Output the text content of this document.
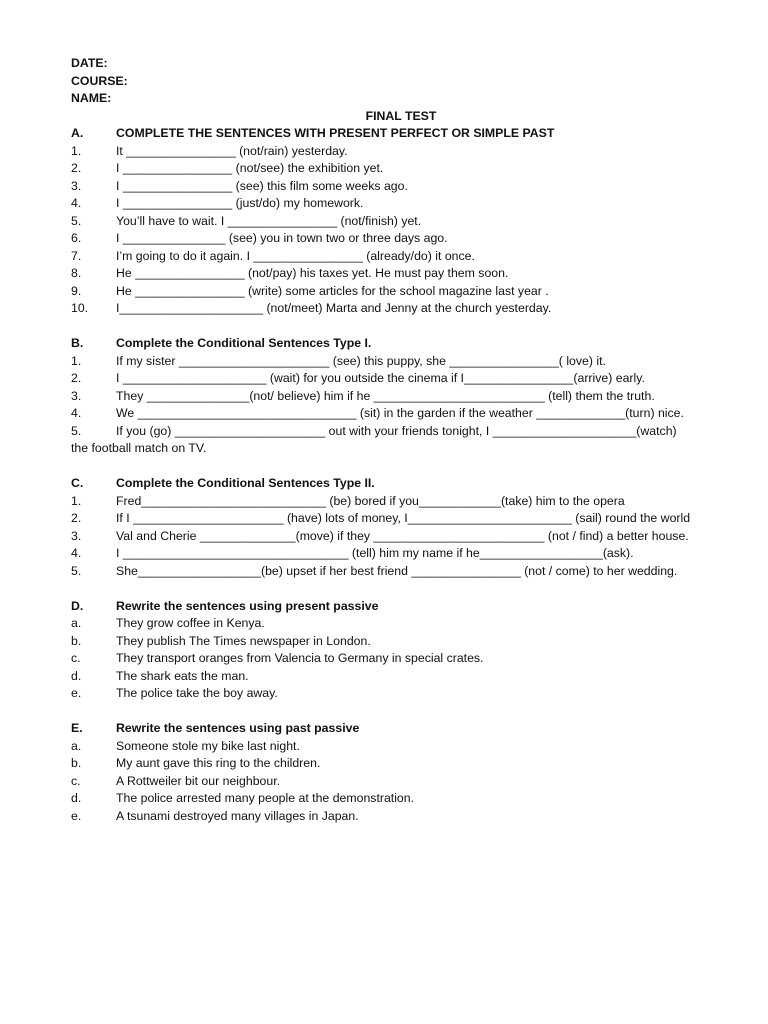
DATE:
COURSE:
NAME:
FINAL TEST
A.	COMPLETE THE SENTENCES WITH PRESENT PERFECT OR SIMPLE PAST
1.	It ________________ (not/rain) yesterday.
2.	I ________________ (not/see) the exhibition yet.
3.	I ________________ (see) this film some weeks ago.
4.	I ________________ (just/do) my homework.
5.	You’ll have to wait. I ________________ (not/finish) yet.
6.	I _______________ (see) you in town two or three days ago.
7.	I’m going to do it again. I ________________ (already/do) it once.
8.	He ________________ (not/pay) his taxes yet. He must pay them soon.
9.	He ________________ (write) some articles for the school magazine last year .
10.	I_____________________ (not/meet) Marta and Jenny at the church yesterday.
B.	Complete the Conditional Sentences Type I.
1.	If my sister ______________________ (see) this puppy, she ________________( love) it.
2.	I _____________________ (wait) for you outside the cinema if I________________(arrive) early.
3.	They _______________(not/ believe) him if he _________________________ (tell) them the truth.
4.	We ________________________________ (sit) in the garden if the weather _____________(turn) nice.
5.	If you (go) ______________________ out with your friends tonight, I _____________________(watch)
the football match on TV.
C.	Complete the Conditional Sentences Type II.
1.	Fred___________________________ (be) bored if you____________(take) him to the opera
2.	If I ______________________ (have) lots of money, I________________________ (sail) round the world
3.	Val and Cherie ______________(move) if they _________________________ (not / find) a better house.
4.	I _________________________________ (tell) him my name if he__________________(ask).
5.	She__________________(be) upset if her best friend ________________ (not / come) to her wedding.
D.	Rewrite the sentences using present passive
a.	They grow coffee in Kenya.
b.	They publish The Times newspaper in London.
c.	They transport oranges from Valencia to Germany in special crates.
d.	The shark eats the man.
e.	The police take the boy away.
E.	Rewrite the sentences using past passive
a.	Someone stole my bike last night.
b.	My aunt gave this ring to the children.
c.	A Rottweiler bit our neighbour.
d.	The police arrested many people at the demonstration.
e.	A tsunami destroyed many villages in Japan.
